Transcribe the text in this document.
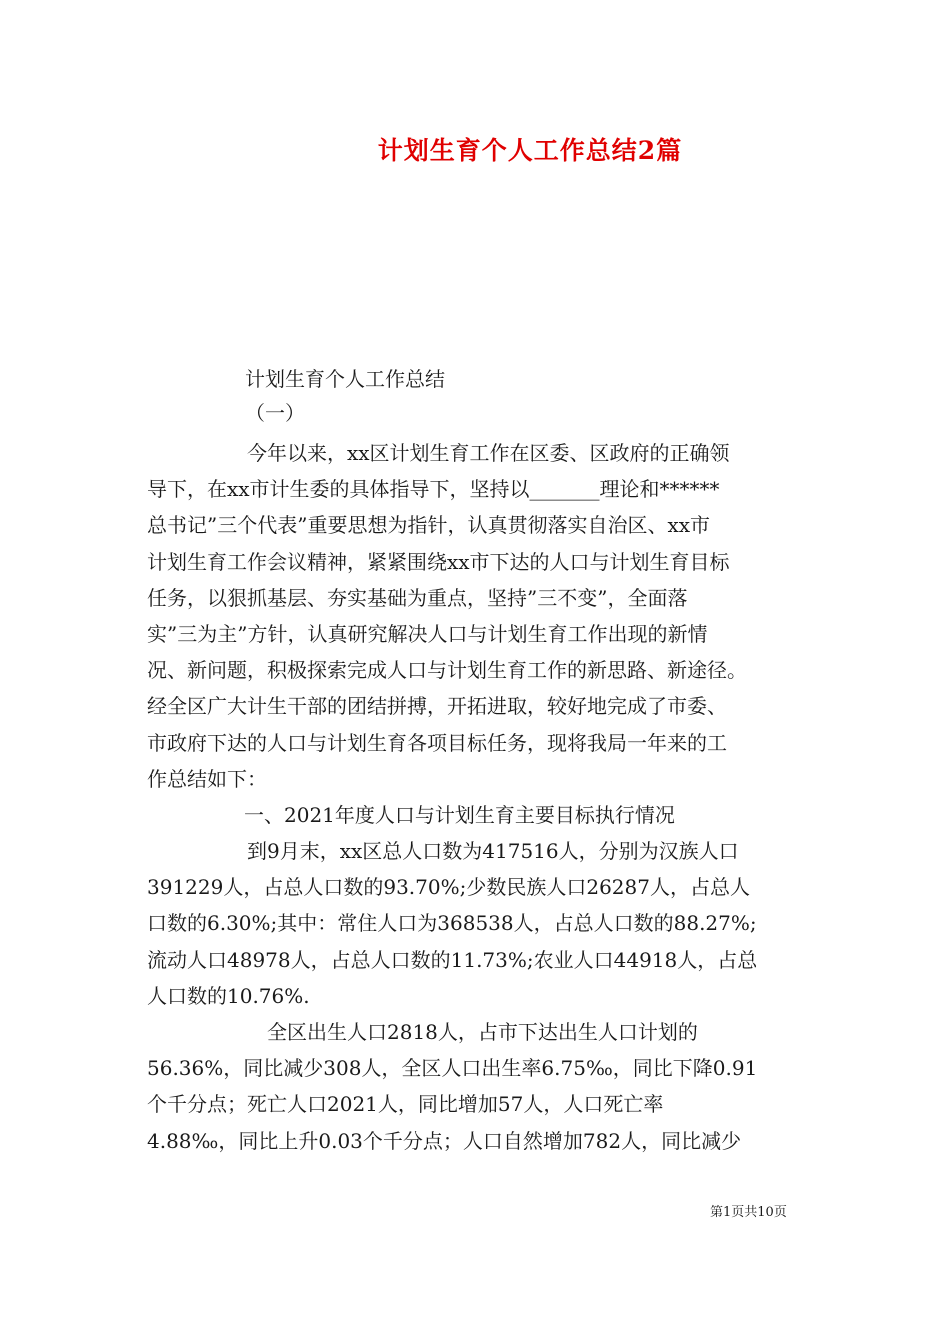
计划生育个人工作总结2篇
计划生育个人工作总结
（一）
今年以来，xx区计划生育工作在区委、区政府的正确领
导下，在xx市计生委的具体指导下，坚持以_______理论和******
总书记”三个代表”重要思想为指针，认真贯彻落实自治区、xx市
计划生育工作会议精神，紧紧围绕xx市下达的人口与计划生育目标
任务，以狠抓基层、夯实基础为重点，坚持”三不变”，全面落
实”三为主”方针，认真研究解决人口与计划生育工作出现的新情
况、新问题，积极探索完成人口与计划生育工作的新思路、新途径。
经全区广大计生干部的团结拼搏，开拓进取，较好地完成了市委、
市政府下达的人口与计划生育各项目标任务，现将我局一年来的工
作总结如下：
一、2021年度人口与计划生育主要目标执行情况
到9月末，xx区总人口数为417516人，分别为汉族人口
391229人，占总人口数的93.70%;少数民族人口26287人，占总人
口数的6.30%;其中：常住人口为368538人，占总人口数的88.27%;
流动人口48978人，占总人口数的11.73%;农业人口44918人，占总
人口数的10.76%.
全区出生人口2818人，占市下达出生人口计划的
56.36%，同比减少308人，全区人口出生率6.75‰，同比下降0.91
个千分点；死亡人口2021人，同比增加57人，人口死亡率
4.88‰，同比上升0.03个千分点；人口自然增加782人，同比减少
第1页共10页
